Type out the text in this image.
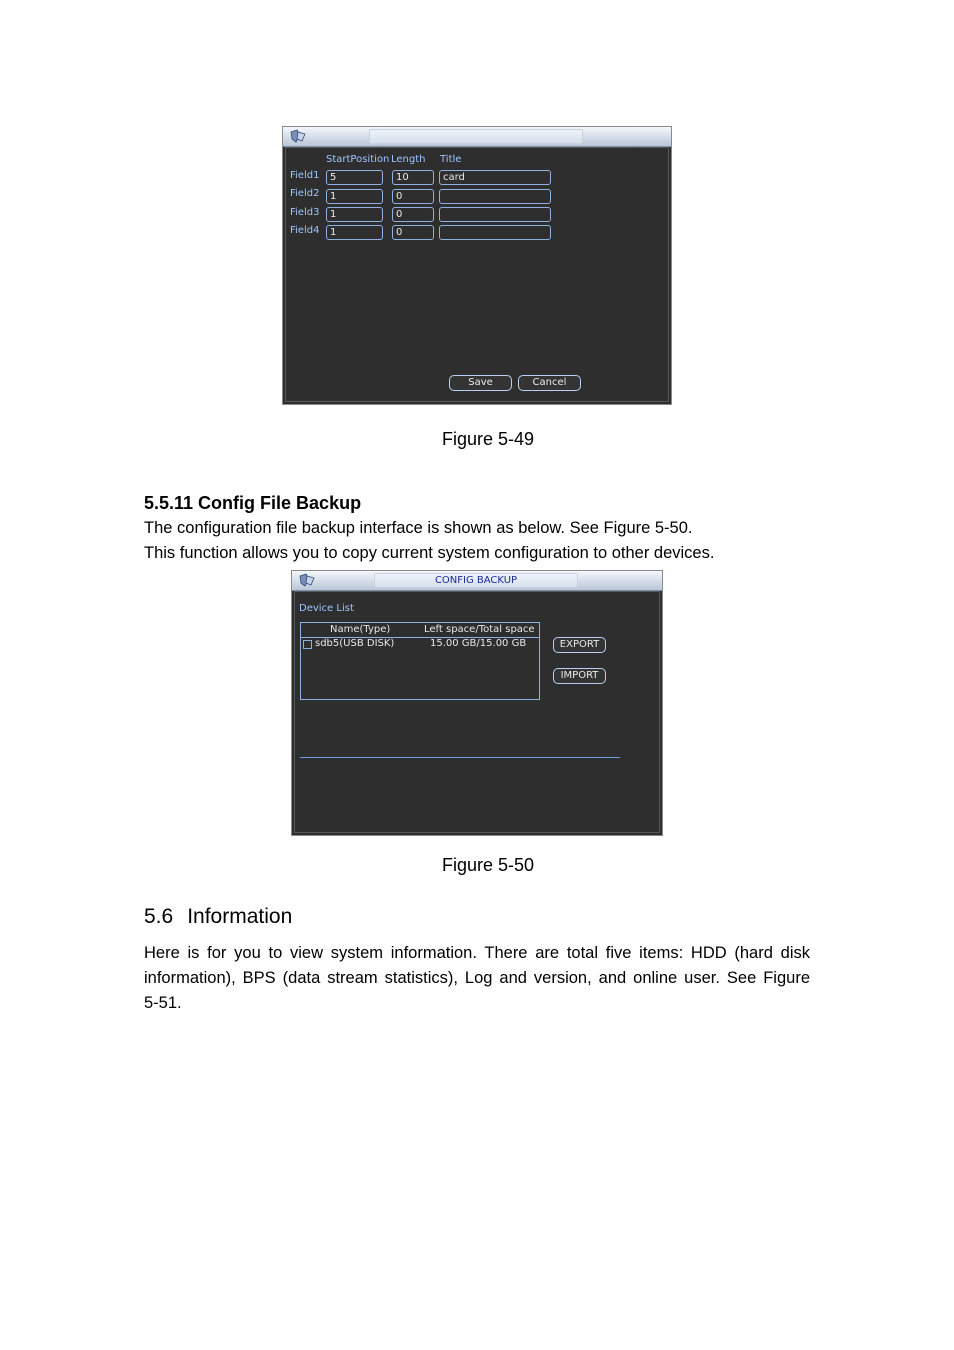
StartPosition Length Title
Field1	5	10	card
Field2	1	0
Field3	1	0
Field4	1	0
Save	Cancel
Figure 5-49
5.5.11 Config File Backup
The configuration file backup interface is shown as below. See Figure 5-50.
This function allows you to copy current system configuration to other devices.
CONFIG BACKUP
Device List
Name(Type)	Left space/Total space
sdb5(USB DISK)	15.00 GB/15.00 GB	EXPORT
IMPORT
Figure 5-50
5.6 Information
Here is for you to view system information. There are total five items: HDD (hard disk
information), BPS (data stream statistics), Log and version, and online user. See Figure
5-51.
